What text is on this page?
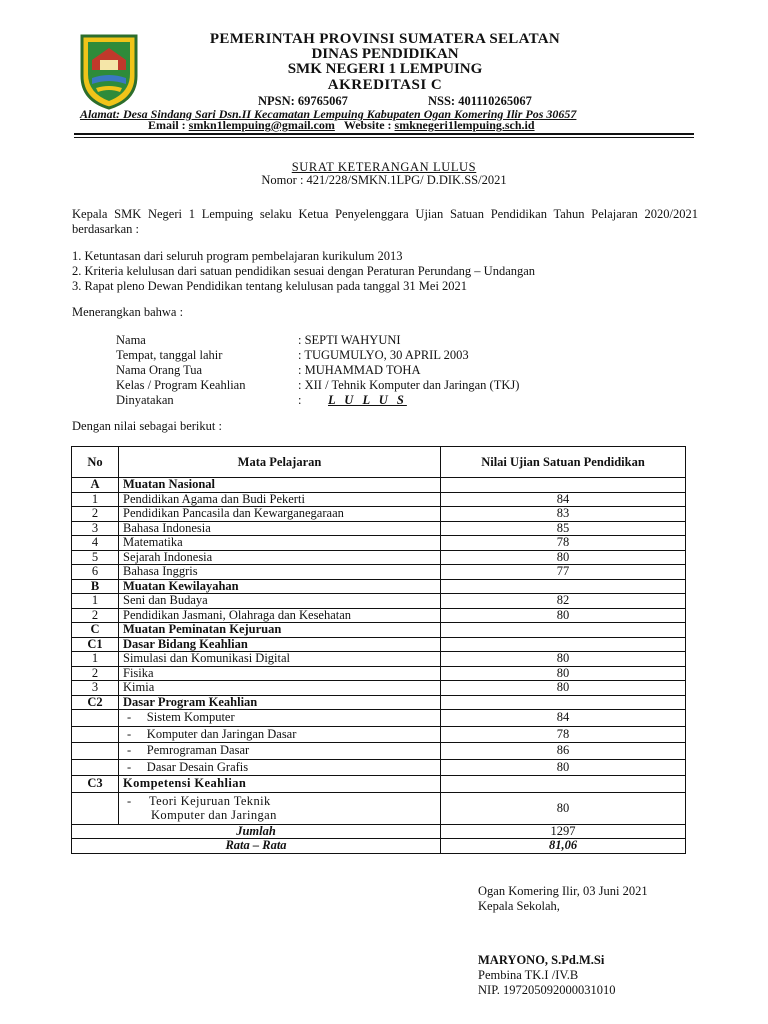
PEMERINTAH PROVINSI SUMATERA SELATAN
DINAS PENDIDIKAN
SMK NEGERI 1 LEMPUING
AKREDITASI C
NPSN: 69765067	NSS: 401110265067
Alamat: Desa Sindang Sari Dsn.II Kecamatan Lempuing Kabupaten Ogan Komering Ilir Pos 30657
Email : smkn1lempuing@gmail.com Website : smknegeri1lempuing.sch.id
SURAT KETERANGAN LULUS
Nomor : 421/228/SMKN.1LPG/ D.DIK.SS/2021
Kepala SMK Negeri 1 Lempuing selaku Ketua Penyelenggara Ujian Satuan Pendidikan Tahun Pelajaran 2020/2021 berdasarkan :
1. Ketuntasan dari seluruh program pembelajaran kurikulum 2013
2. Kriteria kelulusan dari satuan pendidikan sesuai dengan Peraturan Perundang – Undangan
3. Rapat pleno Dewan Pendidikan tentang kelulusan pada tanggal 31 Mei 2021
Menerangkan bahwa :
Nama	: SEPTI WAHYUNI
Tempat, tanggal lahir	: TUGUMULYO, 30 APRIL 2003
Nama Orang Tua	: MUHAMMAD TOHA
Kelas / Program Keahlian	: XII / Tehnik Komputer dan Jaringan (TKJ)
Dinyatakan	: L U L U S
Dengan nilai sebagai berikut :
No	Mata Pelajaran	Nilai Ujian Satuan Pendidikan
A	Muatan Nasional	
1	Pendidikan Agama dan Budi Pekerti	84
2	Pendidikan Pancasila dan Kewarganegaraan	83
3	Bahasa Indonesia	85
4	Matematika	78
5	Sejarah Indonesia	80
6	Bahasa Inggris	77
B	Muatan Kewilayahan	
1	Seni dan Budaya	82
2	Pendidikan Jasmani, Olahraga dan Kesehatan	80
C	Muatan Peminatan Kejuruan	
C1	Dasar Bidang Keahlian	
1	Simulasi dan Komunikasi Digital	80
2	Fisika	80
3	Kimia	80
C2	Dasar Program Keahlian	
	-     Sistem Komputer	84
	-     Komputer dan Jaringan Dasar	78
	-     Pemrograman Dasar	86
	-     Dasar Desain Grafis	80
C3	Kompetensi Keahlian	

	-     Teori Kejuruan Teknik
Komputer dan Jaringan	80
Jumlah		1297
Rata – Rata		81,06
Ogan Komering Ilir, 03 Juni 2021
Kepala Sekolah,
MARYONO, S.Pd.M.Si
Pembina TK.I /IV.B
NIP. 197205092000031010
